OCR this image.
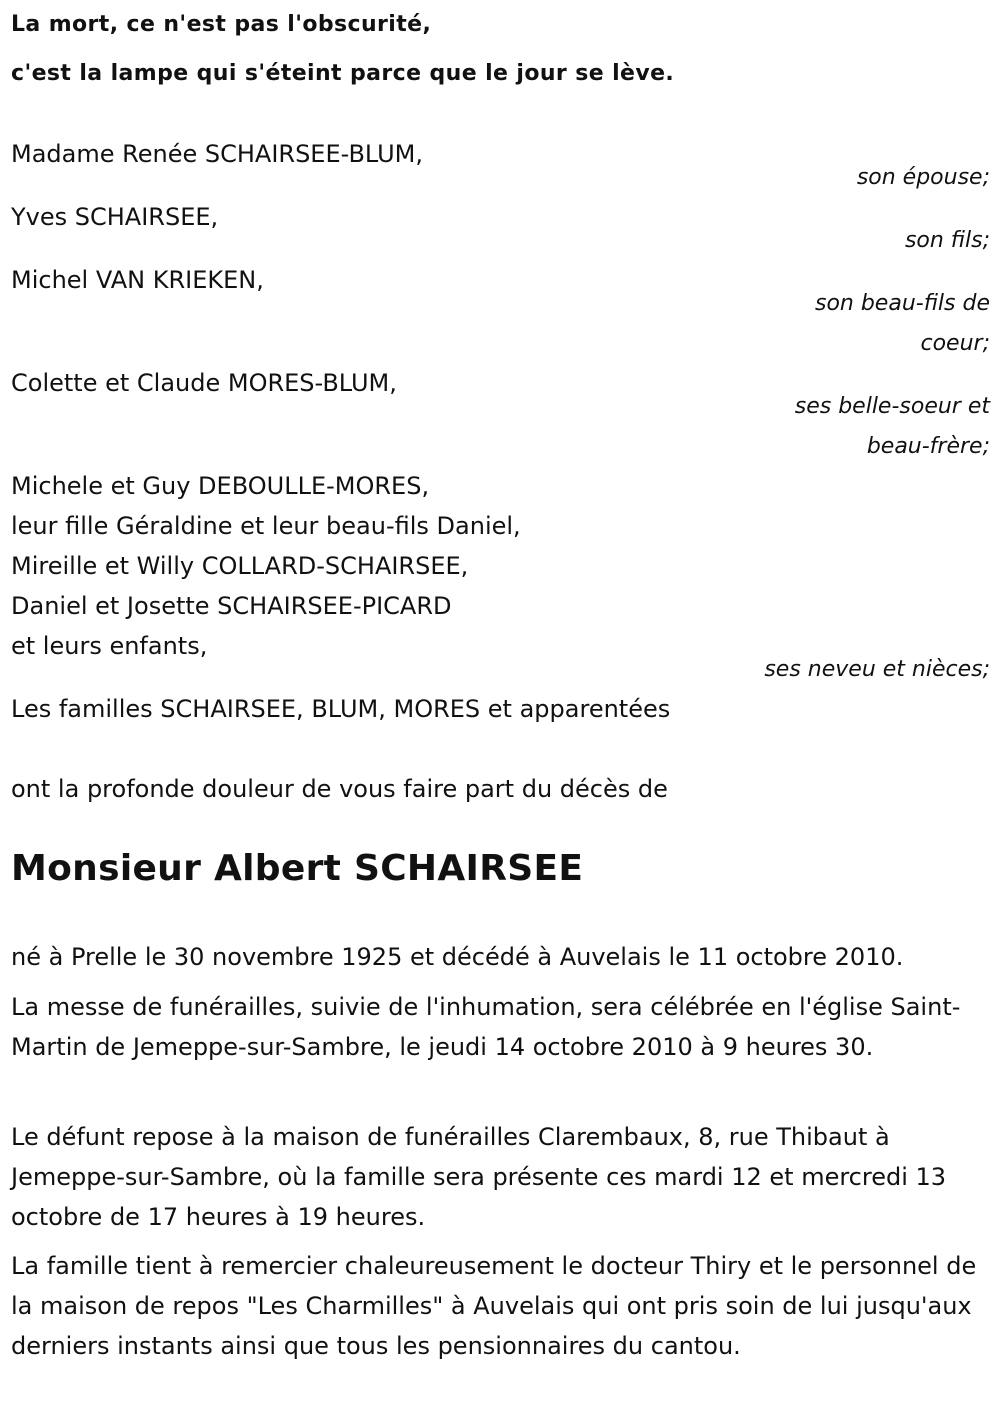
La mort, ce n'est pas l'obscurité,
c'est la lampe qui s'éteint parce que le jour se lève.
Madame Renée SCHAIRSEE-BLUM,
son épouse;
Yves SCHAIRSEE,
son fils;
Michel VAN KRIEKEN,
son beau-fils de
coeur;
Colette et Claude MORES-BLUM,
ses belle-soeur et
beau-frère;
Michele et Guy DEBOULLE-MORES,
leur fille Géraldine et leur beau-fils Daniel,
Mireille et Willy COLLARD-SCHAIRSEE,
Daniel et Josette SCHAIRSEE-PICARD
et leurs enfants,
ses neveu et nièces;
Les familles SCHAIRSEE, BLUM, MORES et apparentées
ont la profonde douleur de vous faire part du décès de
Monsieur Albert SCHAIRSEE
né à Prelle le 30 novembre 1925 et décédé à Auvelais le 11 octobre 2010.
La messe de funérailles, suivie de l'inhumation, sera célébrée en l'église Saint-Martin de Jemeppe-sur-Sambre, le jeudi 14 octobre 2010 à 9 heures 30.
Le défunt repose à la maison de funérailles Clarembaux, 8, rue Thibaut à Jemeppe-sur-Sambre, où la famille sera présente ces mardi 12 et mercredi 13 octobre de 17 heures à 19 heures.
La famille tient à remercier chaleureusement le docteur Thiry et le personnel de la maison de repos "Les Charmilles" à Auvelais qui ont pris soin de lui jusqu'aux derniers instants ainsi que tous les pensionnaires du cantou.
